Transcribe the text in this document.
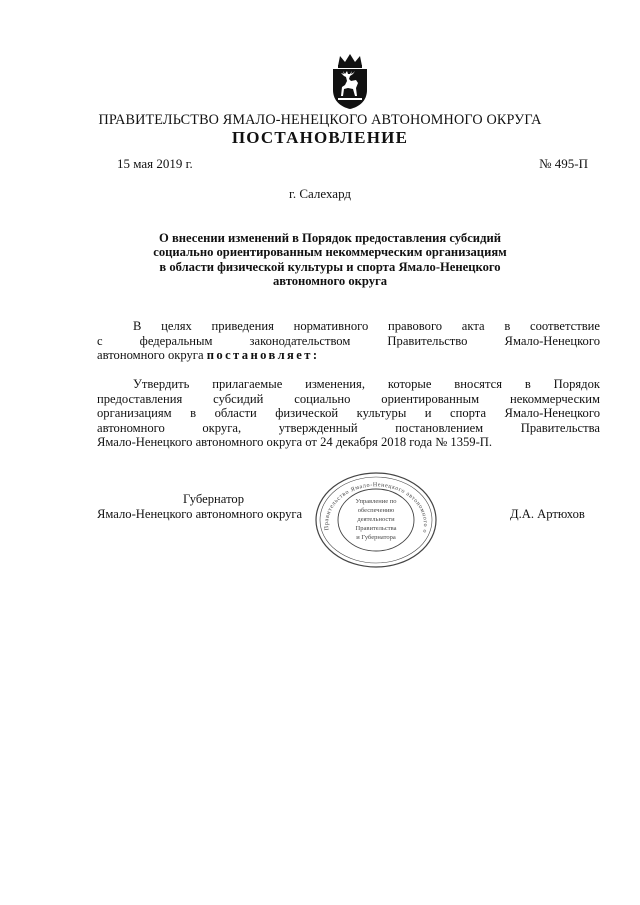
ПРАВИТЕЛЬСТВО ЯМАЛО-НЕНЕЦКОГО АВТОНОМНОГО ОКРУГА
ПОСТАНОВЛЕНИЕ
15 мая 2019 г.	№ 495-П
г. Салехард
О внесении изменений в Порядок предоставления субсидий
социально ориентированным некоммерческим организациям
в области физической культуры и спорта Ямало-Ненецкого
автономного округа
В целях приведения нормативного правового акта в соответствие
с федеральным законодательством Правительство Ямало-Ненецкого
автономного округа постановляет:
Утвердить прилагаемые изменения, которые вносятся в Порядок
предоставления субсидий социально ориентированным некоммерческим
организациям в области физической культуры и спорта Ямало-Ненецкого
автономного округа, утвержденный постановлением Правительства
Ямало-Ненецкого автономного округа от 24 декабря 2018 года № 1359-П.
Губернатор
Ямало-Ненецкого автономного округа	Д.А. Артюхов
Управление по
обеспечению
деятельности
Правительства
и Губернатора
Правительство Ямало-Ненецкого автономного о
